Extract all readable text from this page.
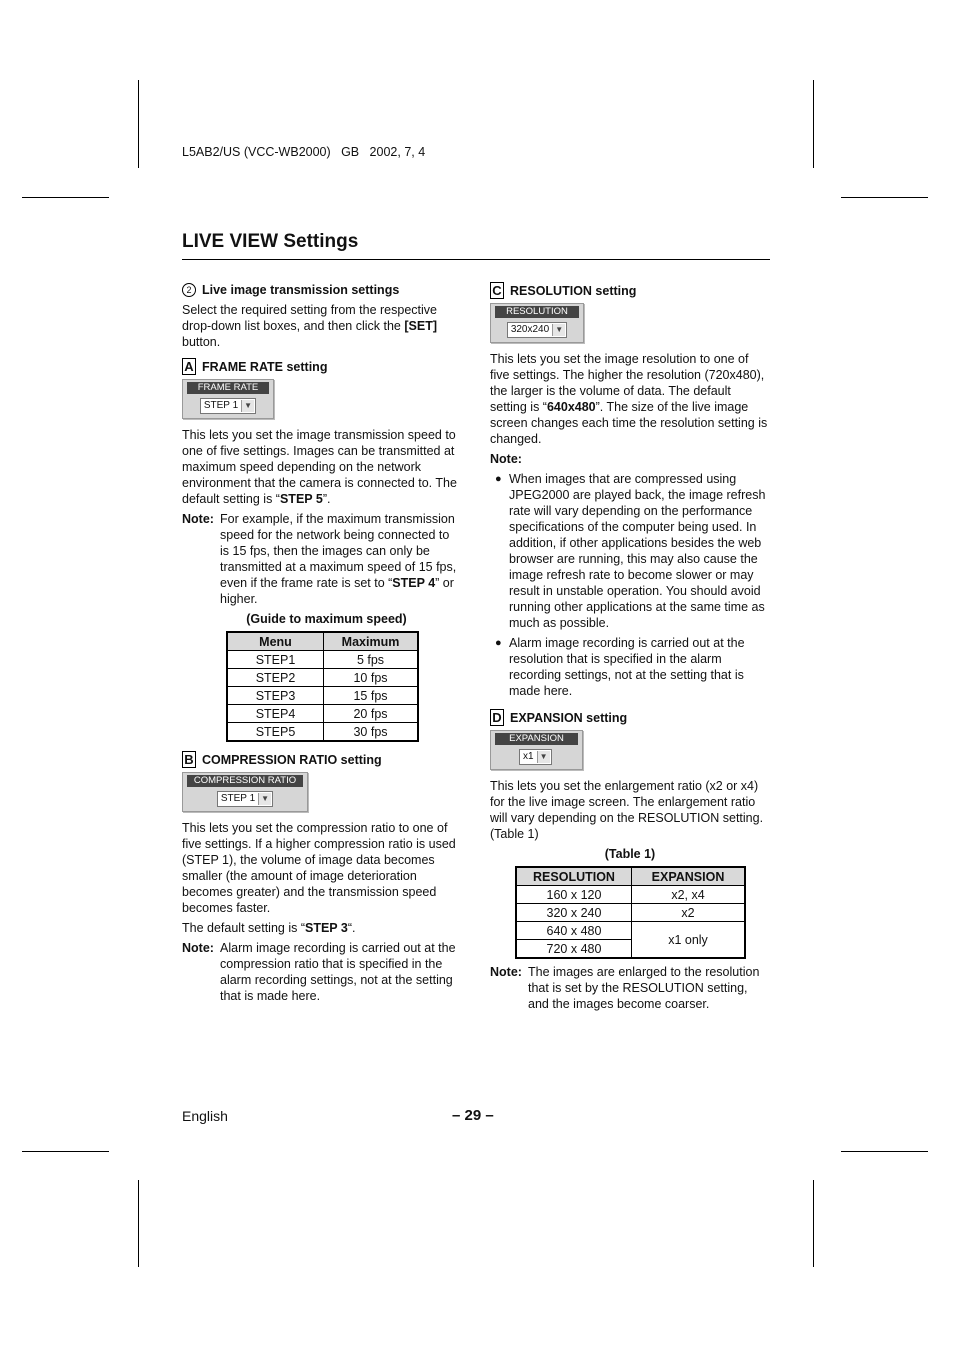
L5AB2/US (VCC-WB2000)   GB   2002, 7, 4
LIVE VIEW Settings
2 Live image transmission settings

Select the required setting from the respective drop-down list boxes, and then click the [SET] button.

A FRAME RATE setting
FRAME RATE
STEP 1 ▼

This lets you set the image transmission speed to one of five settings. Images can be transmitted at maximum speed depending on the network environment that the camera is connected to. The default setting is “STEP 5”.

Note: For example, if the maximum transmission speed for the network being connected to is 15 fps, then the images can only be transmitted at a maximum speed of 15 fps, even if the frame rate is set to “STEP 4” or higher.
(Guide to maximum speed)
Menu	Maximum
STEP1	5 fps
STEP2	10 fps
STEP3	15 fps
STEP4	20 fps
STEP5	30 fps
B COMPRESSION RATIO setting
COMPRESSION RATIO
STEP 1 ▼

This lets you set the compression ratio to one of five settings. If a higher compression ratio is used (STEP 1), the volume of image data becomes smaller (the amount of image deterioration becomes greater) and the transmission speed becomes faster.

The default setting is “STEP 3“.

Note: Alarm image recording is carried out at the compression ratio that is specified in the alarm recording settings, not at the setting that is made here.
C RESOLUTION setting
RESOLUTION
320x240 ▼

This lets you set the image resolution to one of five settings. The higher the resolution (720x480), the larger is the volume of data. The default setting is “640x480”. The size of the live image screen changes each time the resolution setting is changed.

Note:

● When images that are compressed using JPEG2000 are played back, the image refresh rate will vary depending on the performance specifications of the computer being used. In addition, if other applications besides the web browser are running, this may also cause the image refresh rate to become slower or may result in unstable operation. You should avoid running other applications at the same time as much as possible.
● Alarm image recording is carried out at the resolution that is specified in the alarm recording settings, not at the setting that is made here.
D EXPANSION setting
EXPANSION
x1 ▼

This lets you set the enlargement ratio (x2 or x4) for the live image screen. The enlargement ratio will vary depending on the RESOLUTION setting. (Table 1)

(Table 1)
RESOLUTION	EXPANSION
160 x 120	x2, x4
320 x 240	x2
640 x 480	x1 only
720 x 480	
Note: The images are enlarged to the resolution that is set by the RESOLUTION setting, and the images become coarser.
English	– 29 –
